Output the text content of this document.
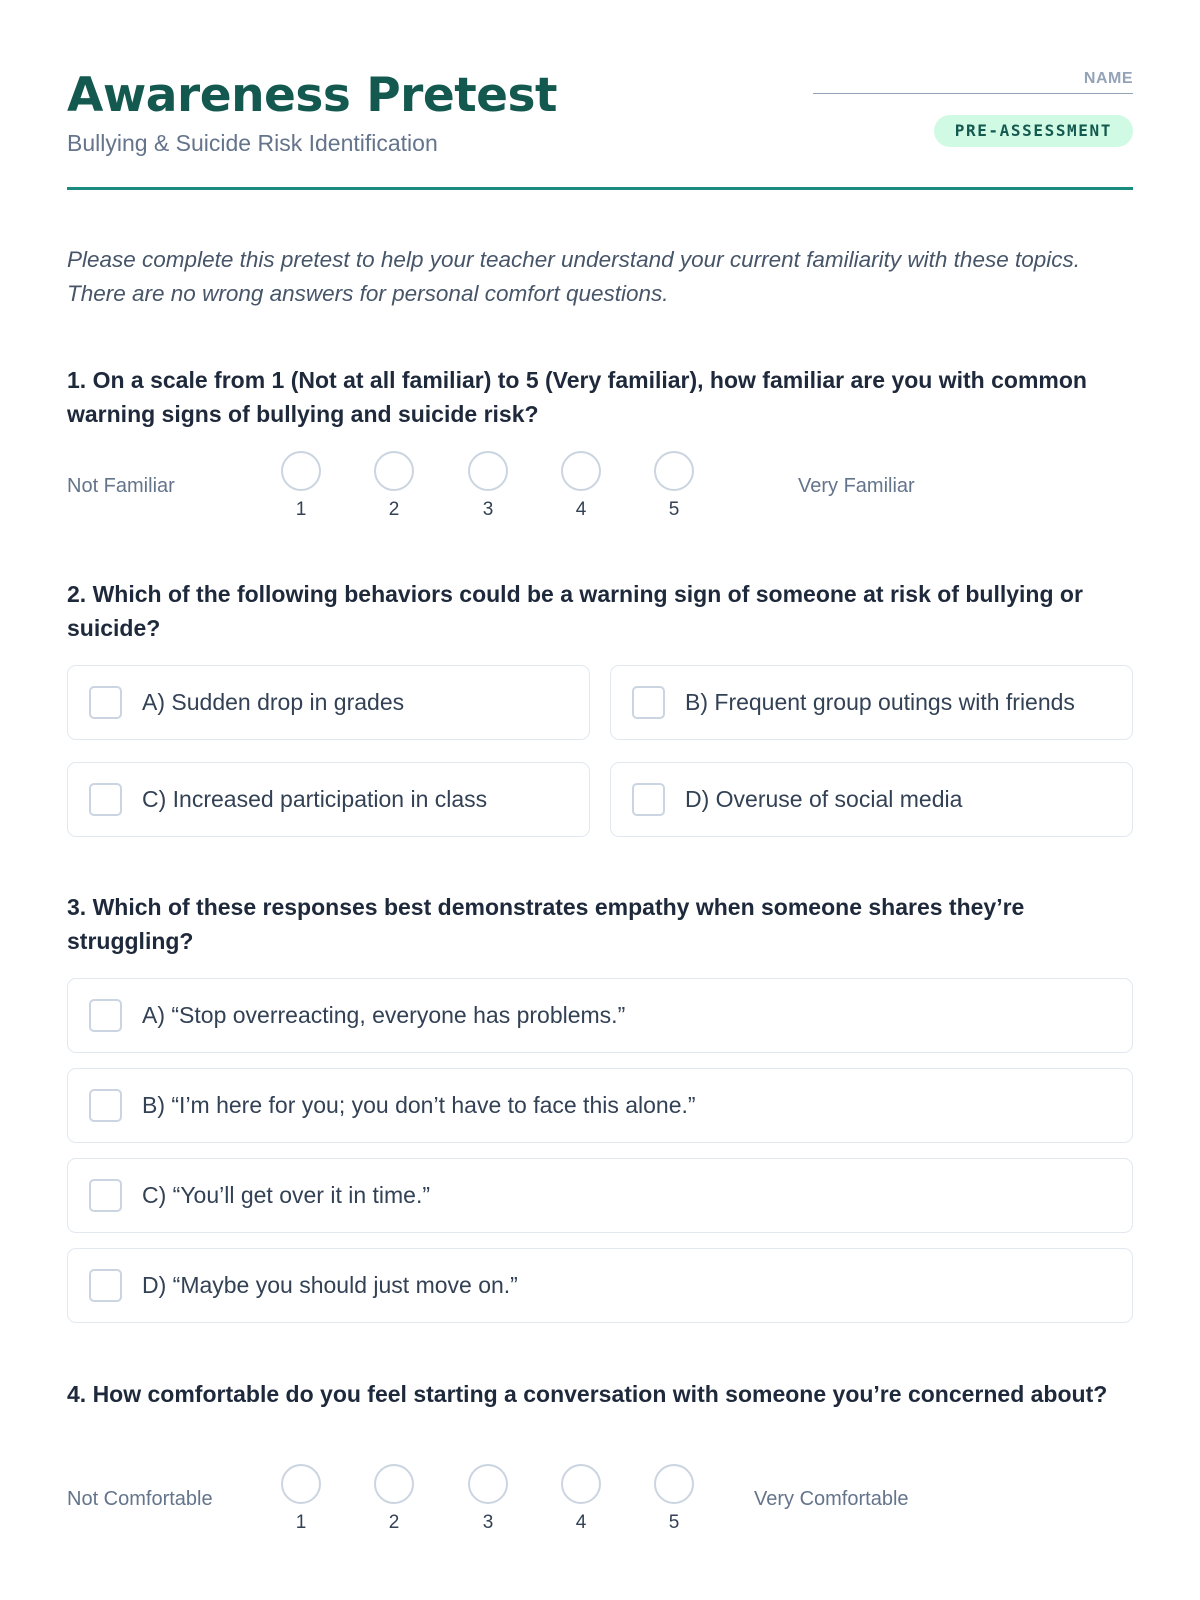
Awareness Pretest
Bullying & Suicide Risk Identification
NAME
PRE-ASSESSMENT
Please complete this pretest to help your teacher understand your current familiarity with these topics. There are no wrong answers for personal comfort questions.
1. On a scale from 1 (Not at all familiar) to 5 (Very familiar), how familiar are you with common warning signs of bullying and suicide risk?
Not Familiar
1	2	3	4	5
Very Familiar
2. Which of the following behaviors could be a warning sign of someone at risk of bullying or suicide?
A) Sudden drop in grades	B) Frequent group outings with friends
C) Increased participation in class	D) Overuse of social media
3. Which of these responses best demonstrates empathy when someone shares they’re struggling?
A) “Stop overreacting, everyone has problems.”
B) “I’m here for you; you don’t have to face this alone.”
C) “You’ll get over it in time.”
D) “Maybe you should just move on.”
4. How comfortable do you feel starting a conversation with someone you’re concerned about?
Not Comfortable
1	2	3	4	5
Very Comfortable
